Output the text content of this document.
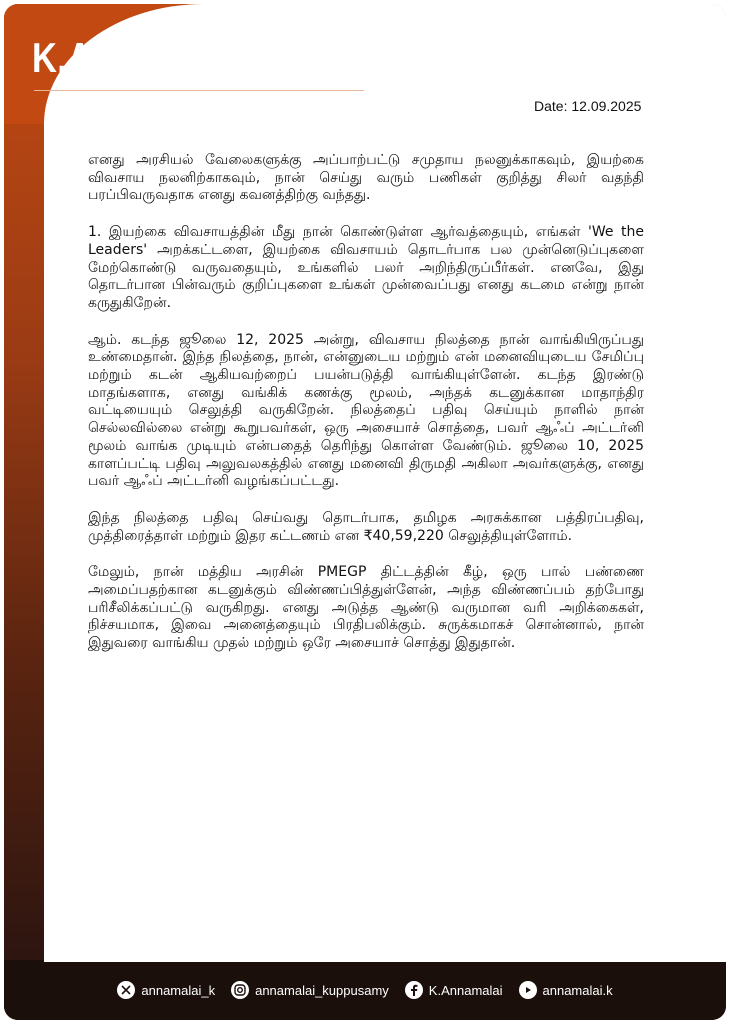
K.ANNAMALAI Ex. IPS
Date: 12.09.2025

எனது அரசியல் வேலைகளுக்கு அப்பாற்பட்டு சமுதாய நலனுக்காகவும், இயற்கை விவசாய நலனிற்காகவும், நான் செய்து வரும் பணிகள் குறித்து சிலர் வதந்தி பரப்பிவருவதாக எனது கவனத்திற்கு வந்தது.

1. இயற்கை விவசாயத்தின் மீது நான் கொண்டுள்ள ஆர்வத்தையும், எங்கள் 'We the Leaders' அறக்கட்டளை, இயற்கை விவசாயம் தொடர்பாக பல முன்னெடுப்புகளை மேற்கொண்டு வருவதையும், உங்களில் பலர் அறிந்திருப்பீர்கள். எனவே, இது தொடர்பான பின்வரும் குறிப்புகளை உங்கள் முன்வைப்பது எனது கடமை என்று நான் கருதுகிறேன்.

ஆம். கடந்த ஜூலை 12, 2025 அன்று, விவசாய நிலத்தை நான் வாங்கியிருப்பது உண்மைதான். இந்த நிலத்தை, நான், என்னுடைய மற்றும் என் மனைவியுடைய சேமிப்பு மற்றும் கடன் ஆகியவற்றைப் பயன்படுத்தி வாங்கியுள்ளேன். கடந்த இரண்டு மாதங்களாக, எனது வங்கிக் கணக்கு மூலம், அந்தக் கடனுக்கான மாதாந்திர வட்டியையும் செலுத்தி வருகிறேன். நிலத்தைப் பதிவு செய்யும் நாளில் நான் செல்லவில்லை என்று கூறுபவர்கள், ஒரு அசையாச் சொத்தை, பவர் ஆஃப் அட்டர்னி மூலம் வாங்க முடியும் என்பதைத் தெரிந்து கொள்ள வேண்டும். ஜூலை 10, 2025 காளப்பட்டி பதிவு அலுவலகத்தில் எனது மனைவி திருமதி அகிலா அவர்களுக்கு, எனது பவர் ஆஃப் அட்டர்னி வழங்கப்பட்டது.

இந்த நிலத்தை பதிவு செய்வது தொடர்பாக, தமிழக அரசுக்கான பத்திரப்பதிவு, முத்திரைத்தாள் மற்றும் இதர கட்டணம் என ₹40,59,220 செலுத்தியுள்ளோம்.

மேலும், நான் மத்திய அரசின் PMEGP திட்டத்தின் கீழ், ஒரு பால் பண்ணை அமைப்பதற்கான கடனுக்கும் விண்ணப்பித்துள்ளேன், அந்த விண்ணப்பம் தற்போது பரிசீலிக்கப்பட்டு வருகிறது. எனது அடுத்த ஆண்டு வருமான வரி அறிக்கைகள், நிச்சயமாக, இவை அனைத்தையும் பிரதிபலிக்கும். சுருக்கமாகச் சொன்னால், நான் இதுவரை வாங்கிய முதல் மற்றும் ஒரே அசையாச் சொத்து இதுதான்.

annamalai_k	annamalai_kuppusamy	K.Annamalai	annamalai.k
